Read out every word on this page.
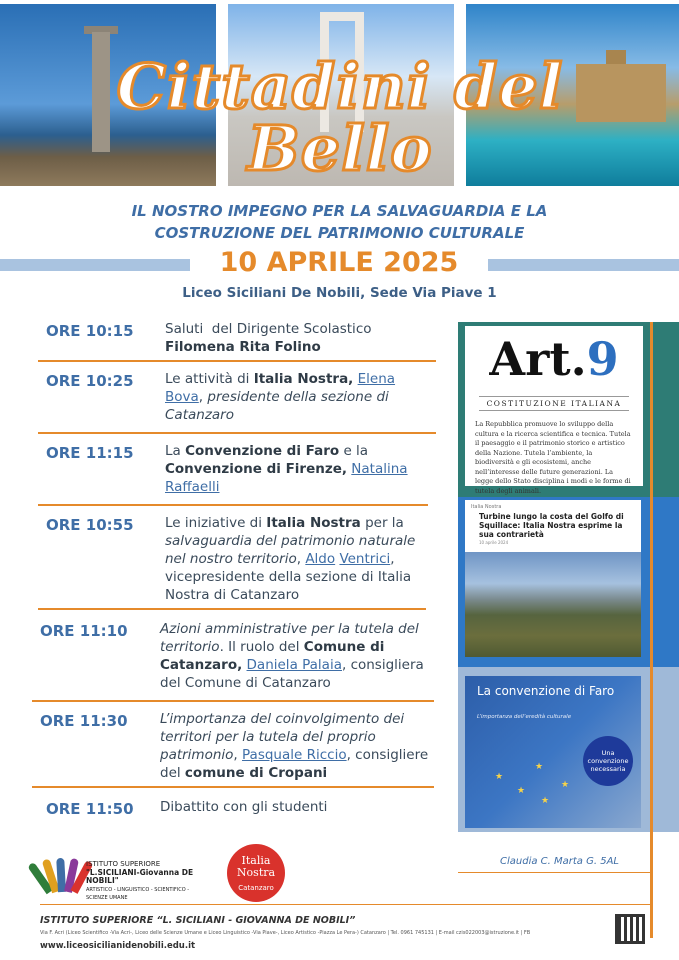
Cittadini del Bello
IL NOSTRO IMPEGNO PER LA SALVAGUARDIA E LA
COSTRUZIONE DEL PATRIMONIO CULTURALE
10 APRILE 2025
Liceo Siciliani De Nobili, Sede Via Piave 1
ORE 10:15 Saluti  del Dirigente Scolastico Filomena Rita Folino
ORE 10:25 Le attività di Italia Nostra, Elena Bova, presidente della sezione di Catanzaro
ORE 11:15 La Convenzione di Faro e la Convenzione di Firenze, Natalina Raffaelli
ORE 10:55 Le iniziative di Italia Nostra per la salvaguardia del patrimonio naturale nel nostro territorio, Aldo Ventrici, vicepresidente della sezione di Italia Nostra di Catanzaro
ORE 11:10 Azioni amministrative per la tutela del territorio. Il ruolo del Comune di Catanzaro, Daniela Palaia, consigliera del Comune di Catanzaro
ORE 11:30 L’importanza del coinvolgimento dei territori per la tutela del proprio patrimonio, Pasquale Riccio, consigliere del comune di Cropani
ORE 11:50 Dibattito con gli studenti
Art.9
COSTITUZIONE ITALIANA
La Repubblica promuove lo sviluppo della cultura e la ricerca scientifica e tecnica. Tutela il paesaggio e il patrimonio storico e artistico della Nazione. Tutela l’ambiente, la biodiversità e gli ecosistemi, anche nell’interesse delle future generazioni. La legge dello Stato disciplina i modi e le forme di tutela degli animali.
Italia Nostra
Turbine lungo la costa del Golfo di Squillace: Italia Nostra esprime la sua contrarietà
10 aprile 2024
La convenzione di Faro
L’importanza dell’eredità culturale
★
★
★
★
★
Una convenzione necessaria
Claudia C. Marta G. 5AL
ISTITUTO SUPERIORE
"L.SICILIANI-Giovanna DE NOBILI"
ARTISTICO - LINGUISTICO - SCIENTIFICO - SCIENZE UMANE
Italia
Nostra
Catanzaro
ISTITUTO SUPERIORE “L. SICILIANI - GIOVANNA DE NOBILI”
Via F. Acri (Liceo Scientifico -Via Acri-, Liceo delle Scienze Umane e Liceo Linguistico -Via Piave-, Liceo Artistico -Piazza Le Pera-) Catanzaro | Tel. 0961 745131 | E-mail czis022003@istruzione.it | FB
www.liceosicilianidenobili.edu.it
